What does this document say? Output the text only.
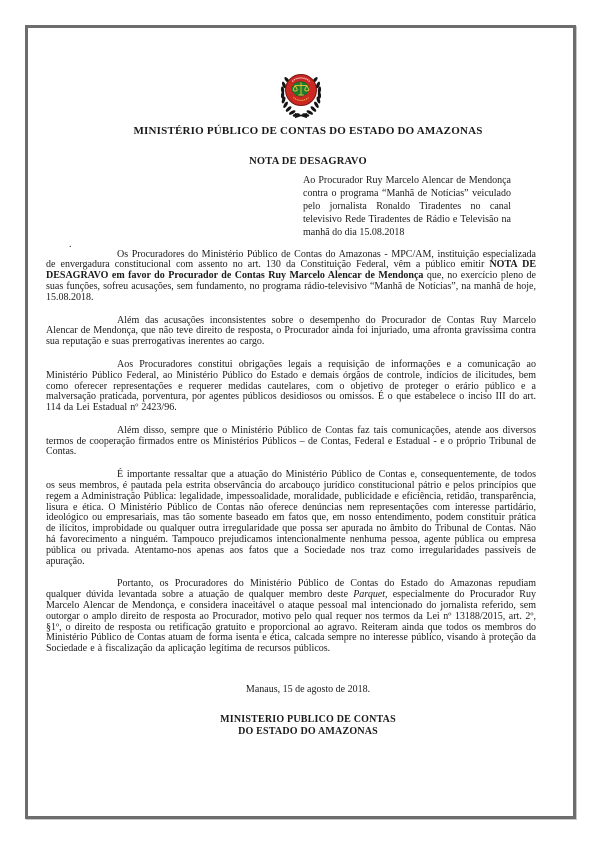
MINISTÉRIO PÚBLICO DE CONTAS DO ESTADO DO AMAZONAS
NOTA DE DESAGRAVO
Ao Procurador Ruy Marcelo Alencar de Mendonça contra o programa “Manhã de Notícias” veiculado pelo jornalista Ronaldo Tiradentes no canal televisivo Rede Tiradentes de Rádio e Televisão na manhã do dia 15.08.2018
.

Os Procuradores do Ministério Público de Contas do Amazonas - MPC/AM, instituição especializada de envergadura constitucional com assento no art. 130 da Constituição Federal, vêm a público emitir NOTA DE DESAGRAVO em favor do Procurador de Contas Ruy Marcelo Alencar de Mendonça que, no exercício pleno de suas funções, sofreu acusações, sem fundamento, no programa rádio-televisivo “Manhã de Notícias”, na manhã de hoje, 15.08.2018.

Além das acusações inconsistentes sobre o desempenho do Procurador de Contas Ruy Marcelo Alencar de Mendonça, que não teve direito de resposta, o Procurador ainda foi injuriado, uma afronta gravíssima contra sua reputação e suas prerrogativas inerentes ao cargo.

Aos Procuradores constitui obrigações legais a requisição de informações e a comunicação ao Ministério Público Federal, ao Ministério Público do Estado e demais órgãos de controle, indícios de ilicitudes, bem como oferecer representações e requerer medidas cautelares, com o objetivo de proteger o erário público e a malversação praticada, porventura, por agentes públicos desidiosos ou omissos. É o que estabelece o inciso III do art. 114 da Lei Estadual nº 2423/96.

Além disso, sempre que o Ministério Público de Contas faz tais comunicações, atende aos diversos termos de cooperação firmados entre os Ministérios Públicos – de Contas, Federal e Estadual - e o próprio Tribunal de Contas.

É importante ressaltar que a atuação do Ministério Público de Contas e, consequentemente, de todos os seus membros, é pautada pela estrita observância do arcabouço jurídico constitucional pátrio e pelos princípios que regem a Administração Pública: legalidade, impessoalidade, moralidade, publicidade e eficiência, retidão, transparência, lisura e ética. O Ministério Público de Contas não oferece denúncias nem representações com interesse partidário, ideológico ou empresariais, mas tão somente baseado em fatos que, em nosso entendimento, podem constituir prática de ilícitos, improbidade ou qualquer outra irregularidade que possa ser apurada no âmbito do Tribunal de Contas. Não há favorecimento a ninguém. Tampouco prejudicamos intencionalmente nenhuma pessoa, agente pública ou empresa pública ou privada. Atentamo-nos apenas aos fatos que a Sociedade nos traz como irregularidades passíveis de apuração.

Portanto, os Procuradores do Ministério Público de Contas do Estado do Amazonas repudiam qualquer dúvida levantada sobre a atuação de qualquer membro deste Parquet, especialmente do Procurador Ruy Marcelo Alencar de Mendonça, e considera inaceitável o ataque pessoal mal intencionado do jornalista referido, sem outorgar o amplo direito de resposta ao Procurador, motivo pelo qual requer nos termos da Lei nº 13188/2015, art. 2º, §1º, o direito de resposta ou retificação gratuito e proporcional ao agravo. Reiteram ainda que todos os membros do Ministério Público de Contas atuam de forma isenta e ética, calcada sempre no interesse público, visando à proteção da Sociedade e à fiscalização da aplicação legítima de recursos públicos.

Manaus, 15 de agosto de 2018.
MINISTERIO PUBLICO DE CONTAS
DO ESTADO DO AMAZONAS
